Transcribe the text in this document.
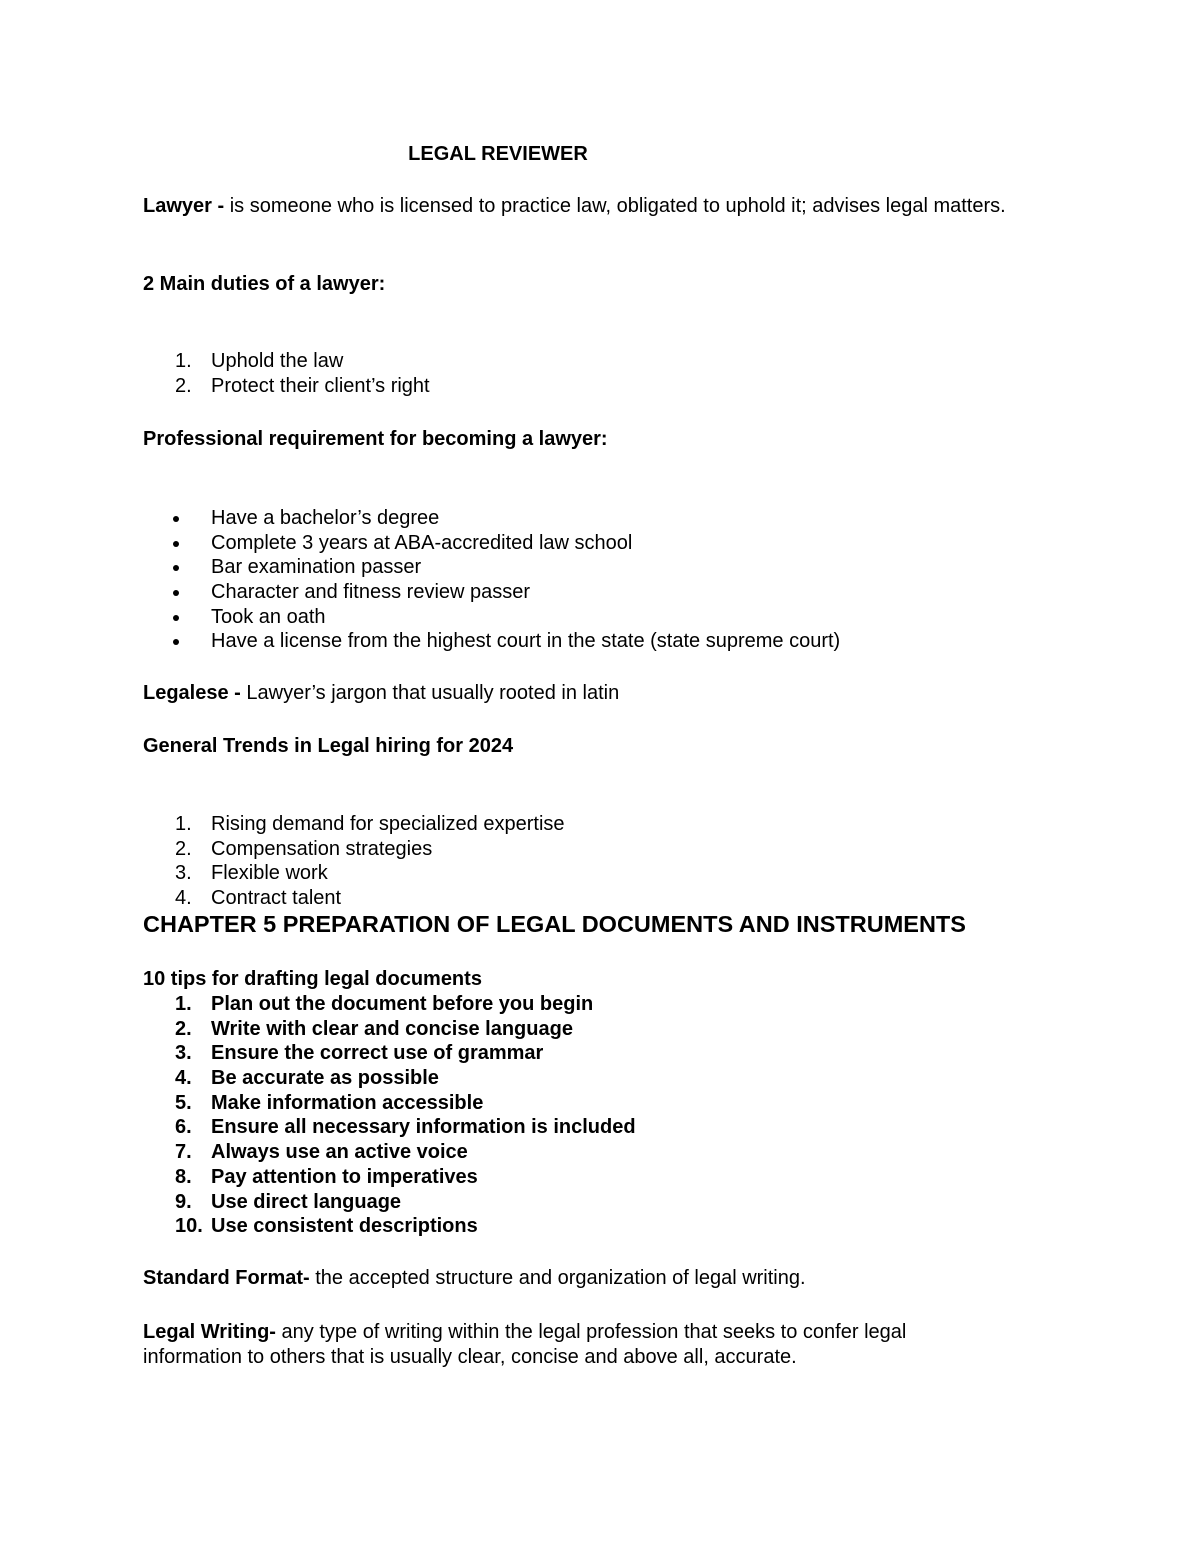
LEGAL REVIEWER
Lawyer - is someone who is licensed to practice law, obligated to uphold it; advises legal matters.
2 Main duties of a lawyer:
1. Uphold the law
2. Protect their client’s right
Professional requirement for becoming a lawyer:
Have a bachelor’s degree
Complete 3 years at ABA-accredited law school
Bar examination passer
Character and fitness review passer
Took an oath
Have a license from the highest court in the state (state supreme court)
Legalese - Lawyer’s jargon that usually rooted in latin
General Trends in Legal hiring for 2024
1. Rising demand for specialized expertise
2. Compensation strategies
3. Flexible work
4. Contract talent
CHAPTER 5 PREPARATION OF LEGAL DOCUMENTS AND INSTRUMENTS
10 tips for drafting legal documents
1. Plan out the document before you begin
2. Write with clear and concise language
3. Ensure the correct use of grammar
4. Be accurate as possible
5. Make information accessible
6. Ensure all necessary information is included
7. Always use an active voice
8. Pay attention to imperatives
9. Use direct language
10. Use consistent descriptions
Standard Format- the accepted structure and organization of legal writing.
Legal Writing- any type of writing within the legal profession that seeks to confer legal information to others that is usually clear, concise and above all, accurate.
